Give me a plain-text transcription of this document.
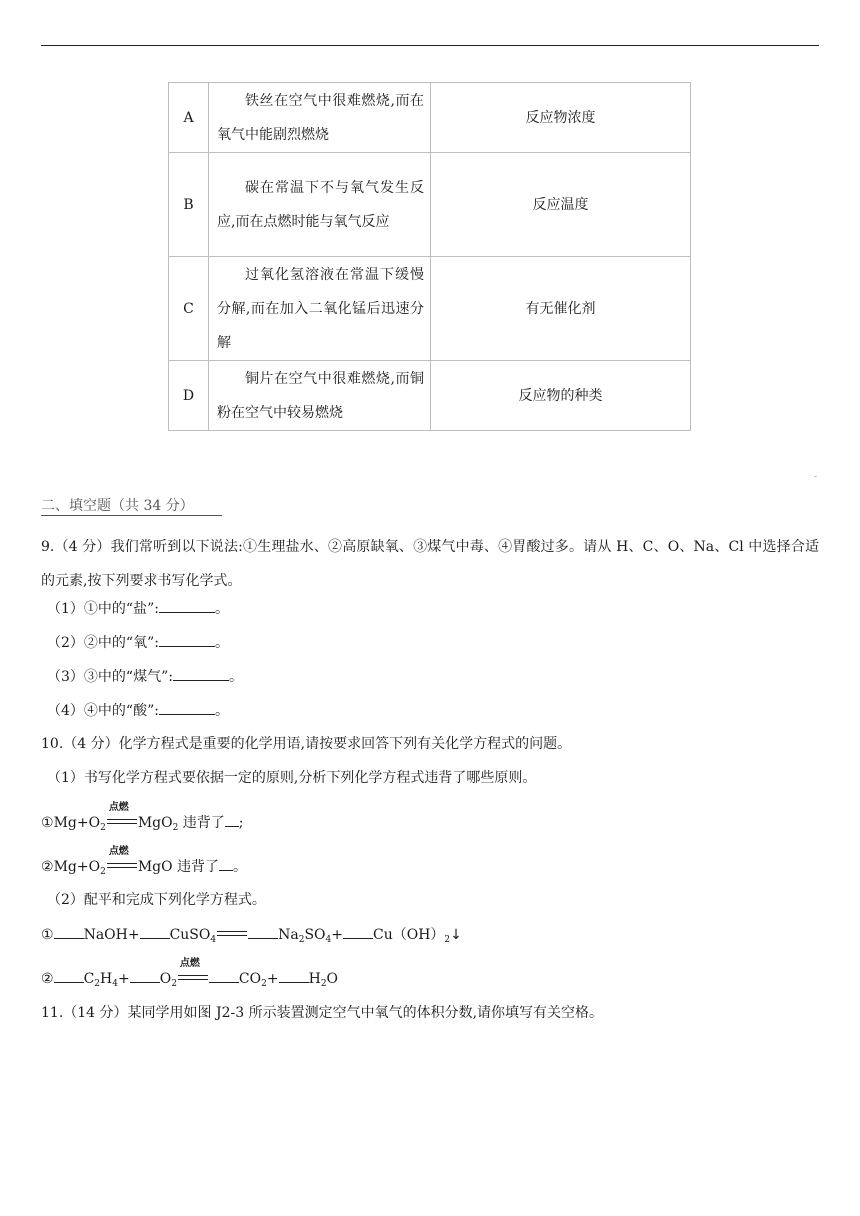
A	铁丝在空气中很难燃烧,而在氧气中能剧烈燃烧	反应物浓度
B	碳在常温下不与氧气发生反应,而在点燃时能与氧气反应	反应温度
C	过氧化氢溶液在常温下缓慢分解,而在加入二氧化锰后迅速分解	有无催化剂
D	铜片在空气中很难燃烧,而铜粉在空气中较易燃烧	反应物的种类
-
二、填空题（共 34 分）
9.（4 分）我们常听到以下说法:①生理盐水、②高原缺氧、③煤气中毒、④胃酸过多。请从 H、C、O、Na、Cl 中选择合适的元素,按下列要求书写化学式。
（1）①中的“盐”:	。
（2）②中的“氧”:	。
（3）③中的“煤气”:	。
（4）④中的“酸”:	。
10.（4 分）化学方程式是重要的化学用语,请按要求回答下列有关化学方程式的问题。
（1）书写化学方程式要依据一定的原则,分析下列化学方程式违背了哪些原则。
$①Mg+O_2$
点燃
MgO$_2$ 违背了 ;
$②Mg+O_2$
点燃
MgO 违背了 。
（2）配平和完成下列化学方程式。
① NaOH+ CuSO$_4$	$Na_2SO_4+$ $Cu(OH)_2↓$
② $C_2H_4+ O_2$
点燃
$CO_2+ H_2O$
11.（14 分）某同学用如图 J2-3 所示装置测定空气中氧气的体积分数,请你填写有关空格。
